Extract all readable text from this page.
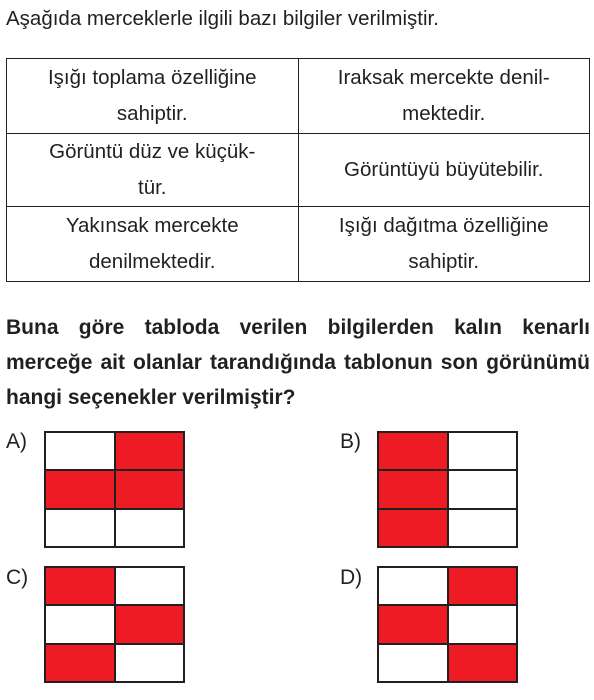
Aşağıda merceklerle ilgili bazı bilgiler verilmiştir.
Işığı toplama özelliğine sahiptir.	Iraksak mercekte denil-
mektedir.
Görüntü düz ve küçük-
tür.	Görüntüyü büyütebilir.
Yakınsak mercekte
denilmektedir.	Işığı dağıtma özelliğine
sahiptir.
Buna göre tabloda verilen bilgilerden kalın kenarlı merceğe ait olanlar tarandığında tablonun son görünümü hangi seçenekler verilmiştir?
A)	B)
C)	D)
